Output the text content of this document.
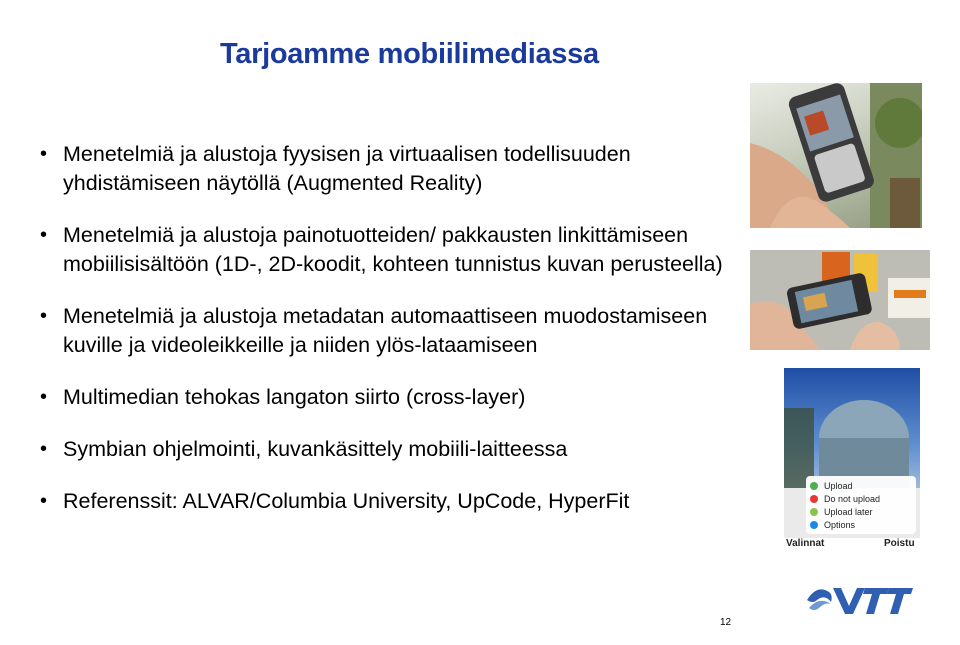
Tarjoamme mobiilimediassa
• Menetelmiä ja alustoja fyysisen ja virtuaalisen todellisuuden yhdistämiseen näytöllä (Augmented Reality)
• Menetelmiä ja alustoja painotuotteiden/ pakkausten linkittämiseen mobiilisisältöön (1D-, 2D-koodit, kohteen tunnistus kuvan perusteella)
• Menetelmiä ja alustoja metadatan automaattiseen muodostamiseen kuville ja videoleikkeille ja niiden ylös-lataamiseen
• Multimedian tehokas langaton siirto (cross-layer)
• Symbian ohjelmointi, kuvankäsittely mobiili-laitteessa
• Referenssit: ALVAR/Columbia University, UpCode, HyperFit
Upload
Do not upload
Upload later
Options
Valinnat	Poistu
12
